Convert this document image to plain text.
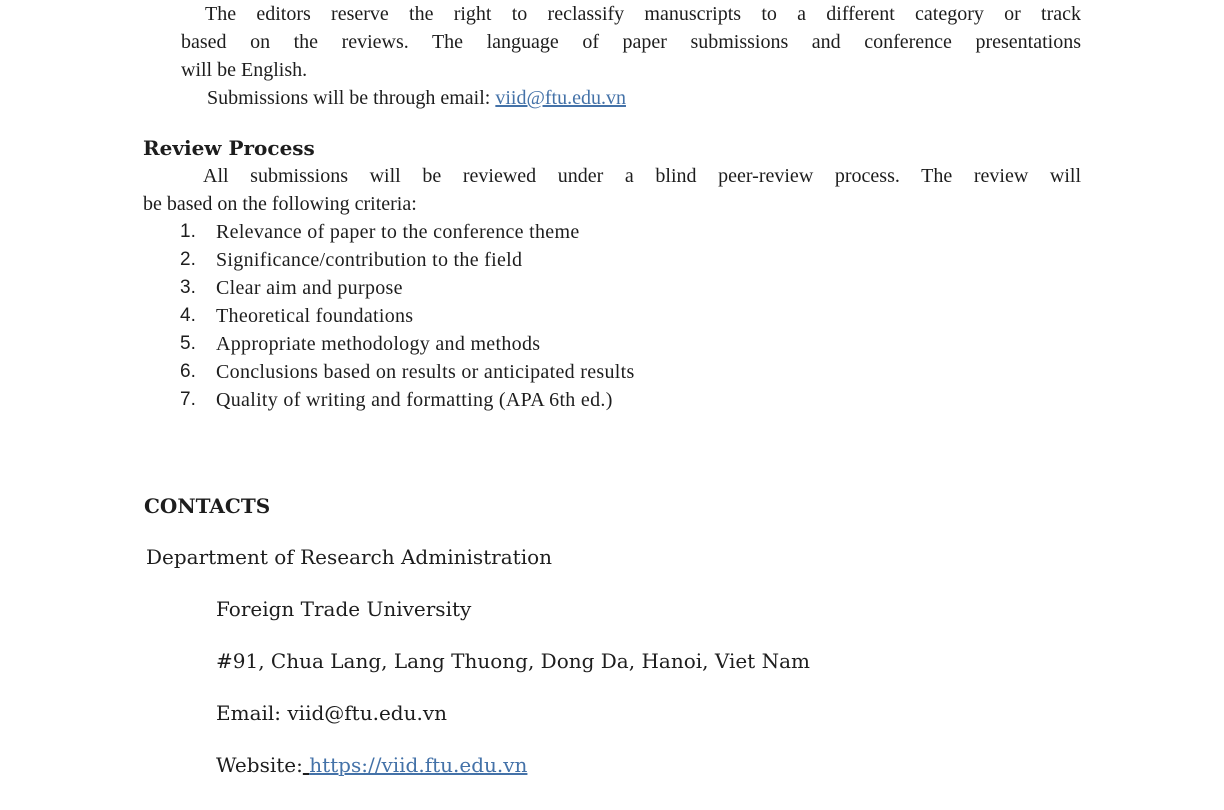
The editors reserve the right to reclassify manuscripts to a different category or track
based on the reviews. The language of paper submissions and conference presentations
will be English.
Submissions will be through email: viid@ftu.edu.vn
Review Process
All submissions will be reviewed under a blind peer-review process. The review will
be based on the following criteria:
1.	Relevance of paper to the conference theme
2.	Significance/contribution to the field
3.	Clear aim and purpose
4.	Theoretical foundations
5.	Appropriate methodology and methods
6.	Conclusions based on results or anticipated results
7.	Quality of writing and formatting (APA 6th ed.)
CONTACTS
Department of Research Administration
Foreign Trade University
#91, Chua Lang, Lang Thuong, Dong Da, Hanoi, Viet Nam
Email: viid@ftu.edu.vn
Website: https://viid.ftu.edu.vn
